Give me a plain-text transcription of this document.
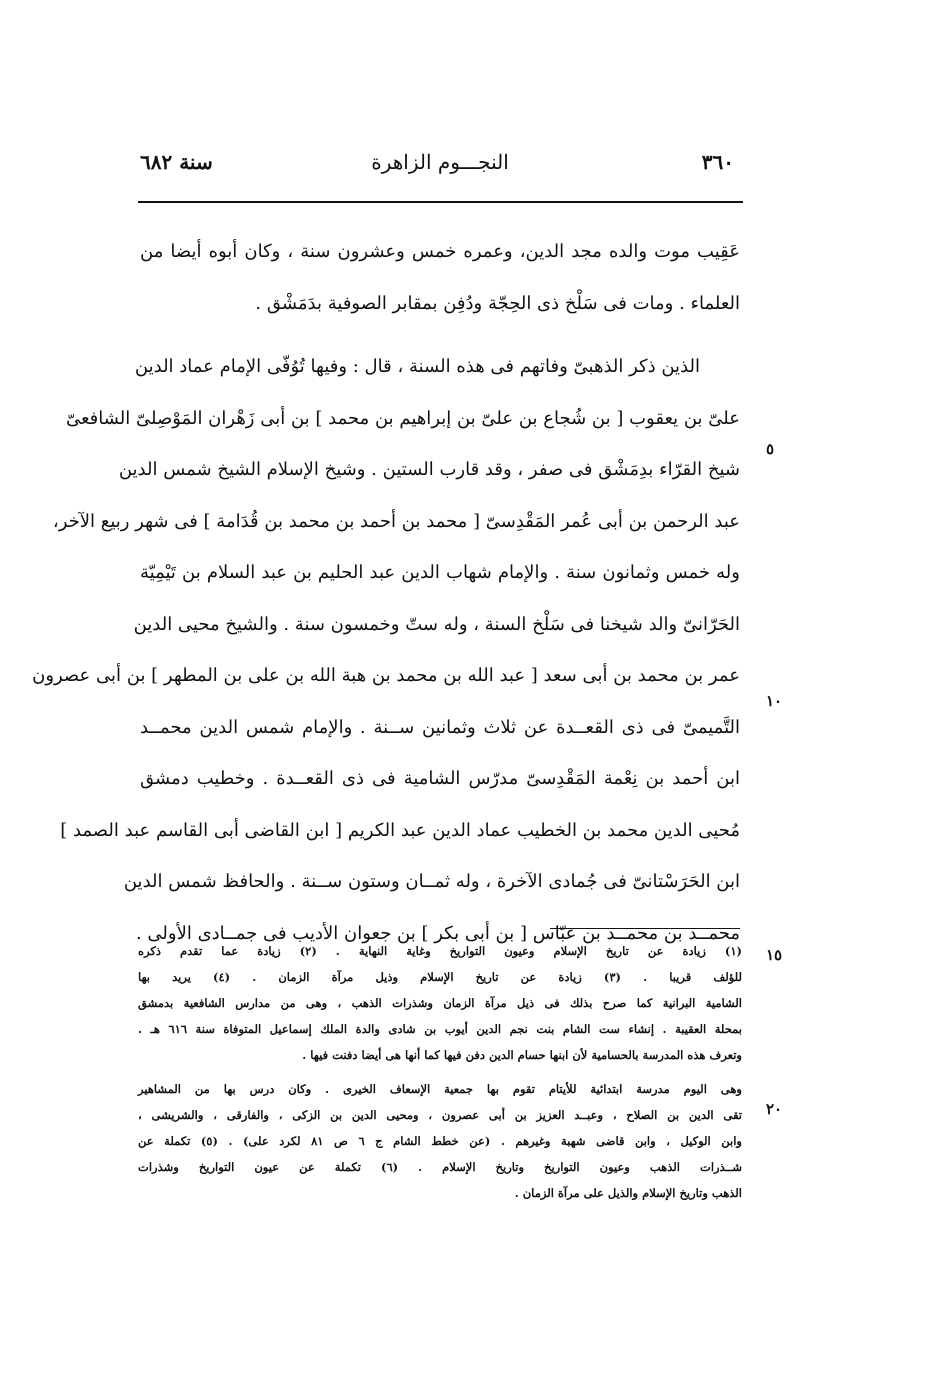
٣٦٠
النجـــوم الزاهرة
سنة ٦٨٢
عَقِيب موت والده مجد الدين، وعمره خمس وعشرون سنة ، وكان أبوه أيضا من
العلماء . ومات فى سَلْخ ذى الحِجّة ودُفِن بمقابر الصوفية بدَمَشْق .
الذين ذكر الذهبىّ وفاتهم فى هذه السنة ، قال : وفيها تُوُفّى الإمام عماد الدين
علىّ بن يعقوب [ بن شُجاع بن علىّ بن إبراهيم بن محمد ] بن أبى زَهْران المَوْصِلىّ الشافعىّ
شيخ القرّاء بدِمَشْق فى صفر ، وقد قارب الستين . وشيخ الإسلام الشيخ شمس الدين
عبد الرحمن بن أبى عُمر المَقْدِسىّ [ محمد بن أحمد بن محمد بن قُدَامة ] فى شهر ربيع الآخر،
وله خمس وثمانون سنة . والإمام شهاب الدين عبد الحليم بن عبد السلام بن تَيْمِيّة
الحَرّانىّ والد شيخنا فى سَلْخ السنة ، وله ستّ وخمسون سنة . والشيخ محيى الدين
عمر بن محمد بن أبى سعد [ عبد الله بن محمد بن هبة الله بن على بن المطهر ] بن أبى عصرون
التَّميمىّ فى ذى القعــدة عن ثلاث وثمانين ســنة . والإمام شمس الدين محمــد
ابن أحمد بن نِعْمة المَقْدِسىّ مدرّس الشامية فى ذى القعــدة . وخطيب دمشق
مُحيى الدين محمد بن الخطيب عماد الدين عبد الكريم [ ابن القاضى أبى القاسم عبد الصمد ]
ابن الحَرَسْتانىّ فى جُمادى الآخرة ، وله ثمــان وستون ســنة . والحافظ شمس الدين
محمــد بن محمــد بن عبّاس [ بن أبى بكر ] بن جعوان الأديب فى جمــادى الأولى .
٥
١٠
(١) زيادة عن تاريخ الإسلام وعيون التواريخ وغاية النهاية . (٢) زيادة عما تقدم ذكره
للؤلف قريبا . (٣) زيادة عن تاريخ الإسلام وذيل مرآة الزمان . (٤) يريد بها
الشامية البرانية كما صرح بذلك فى ذيل مرآة الزمان وشذرات الذهب ، وهى من مدارس الشافعية بدمشق
بمحلة العقيبة . إنشاء ست الشام بنت نجم الدين أيوب بن شادى والدة الملك إسماعيل المتوفاة سنة ٦١٦ هـ .
وتعرف هذه المدرسة بالحسامية لأن ابنها حسام الدين دفن فيها كما أنها هى أيضا دفنت فيها .
وهى اليوم مدرسة ابتدائية للأيتام تقوم بها جمعية الإسعاف الخيرى . وكان درس بها من المشاهير
تقى الدين بن الصلاح ، وعبــد العزيز بن أبى عصرون ، ومحيى الدين بن الزكى ، والفارقى ، والشريشى ،
وابن الوكيل ، وابن قاضى شهبة وغيرهم . (عن خطط الشام ج ٦ ص ٨١ لكرد على) . (٥) تكملة عن
شــذرات الذهب وعيون التواريخ وتاريخ الإسلام . (٦) تكملة عن عيون التواريخ وشذرات
الذهب وتاريخ الإسلام والذيل على مرآة الزمان .
١٥
٢٠
